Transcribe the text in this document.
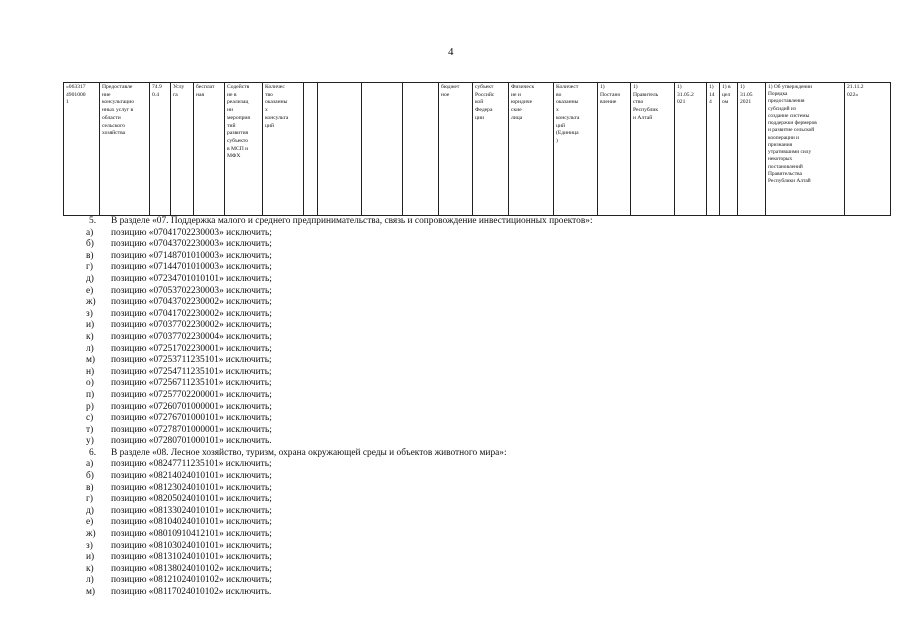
4
«063317
4901000
1	Предоставле
ние
консультацио
нных услуг в
области
сельского
хозяйства	74.9
0.4	Услу
га	бесплат
ная	Содейств
ие в
реализац
ии
мероприя
тий
развития
субъекто
в МСП и
МФХ	Количес
тво
оказанны
х
консульта
ций					бюджет
ное	субъект
Российс
кой
Федера
ции	Физическ
ие и
юридиче
ские
лица	Количест
во
оказанны
х
консульта
ций
(Единица
)	1)
Постано
вление	1)
Правитель
ство
Республик
и Алтай	1)
31.05.2
021	1)
14
4	1) в
цел
ом	1)
31.05
2021	1) Об утверждении
Порядка
предоставления
субсидий из
создание системы
поддержки фермеров
и развитие сельской
кооперации и
признания
утратившими силу
некоторых
постановлений
Правительства
Республики Алтай	21.11.2
022»
5. В разделе «07. Поддержка малого и среднего предпринимательства, связь и сопровождение инвестиционных проектов»:
а) позицию «07041702230003» исключить;
б) позицию «07043702230003» исключить;
в) позицию «07148701010003» исключить;
г) позицию «07144701010003» исключить;
д) позицию «07234701010101» исключить;
е) позицию «07053702230003» исключить;
ж) позицию «07043702230002» исключить;
з) позицию «07041702230002» исключить;
и) позицию «07037702230002» исключить;
к) позицию «07037702230004» исключить;
л) позицию «07251702230001» исключить;
м) позицию «07253711235101» исключить;
н) позицию «07254711235101» исключить;
о) позицию «07256711235101» исключить;
п) позицию «07257702200001» исключить;
р) позицию «07260701000001» исключить;
с) позицию «07276701000101» исключить;
т) позицию «07278701000001» исключить;
у) позицию «07280701000101» исключить.
6. В разделе «08. Лесное хозяйство, туризм, охрана окружающей среды и объектов животного мира»:
а) позицию «08247711235101» исключить;
б) позицию «08214024010101» исключить;
в) позицию «08123024010101» исключить;
г) позицию «08205024010101» исключить;
д) позицию «08133024010101» исключить;
е) позицию «08104024010101» исключить;
ж) позицию «08010910412101» исключить;
з) позицию «08103024010101» исключить;
и) позицию «08131024010101» исключить;
к) позицию «08138024010102» исключить;
л) позицию «08121024010102» исключить;
м) позицию «08117024010102» исключить.
